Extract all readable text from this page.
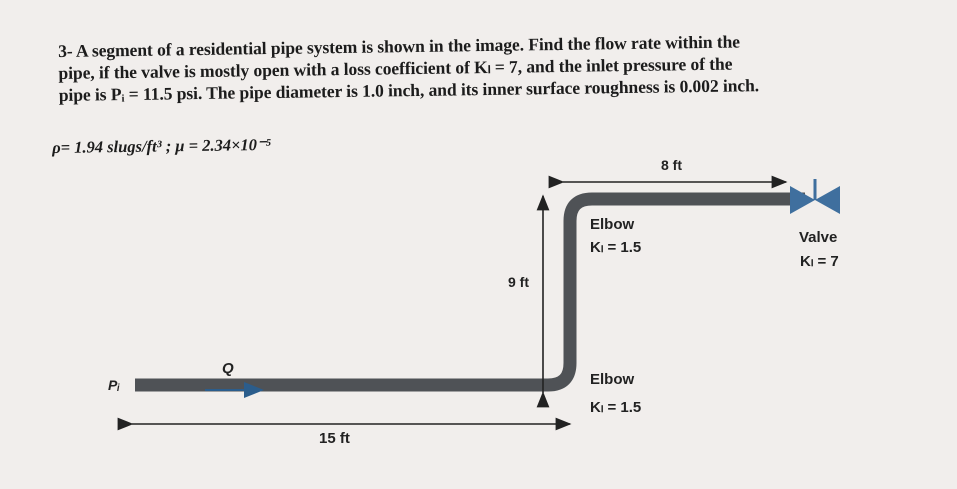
3- A segment of a residential pipe system is shown in the image. Find the flow rate within the

pipe, if the valve is mostly open with a loss coefficient of Kₗ = 7, and the inlet pressure of the

pipe is Pᵢ = 11.5 psi. The pipe diameter is 1.0 inch, and its inner surface roughness is 0.002 inch.

ρ= 1.94 slugs/ft³ ; μ = 2.34×10⁻⁵
Pᵢ
Q
15 ft
9 ft
8 ft
Elbow
Kₗ = 1.5
Elbow
Kₗ = 1.5
Valve
Kₗ = 7
